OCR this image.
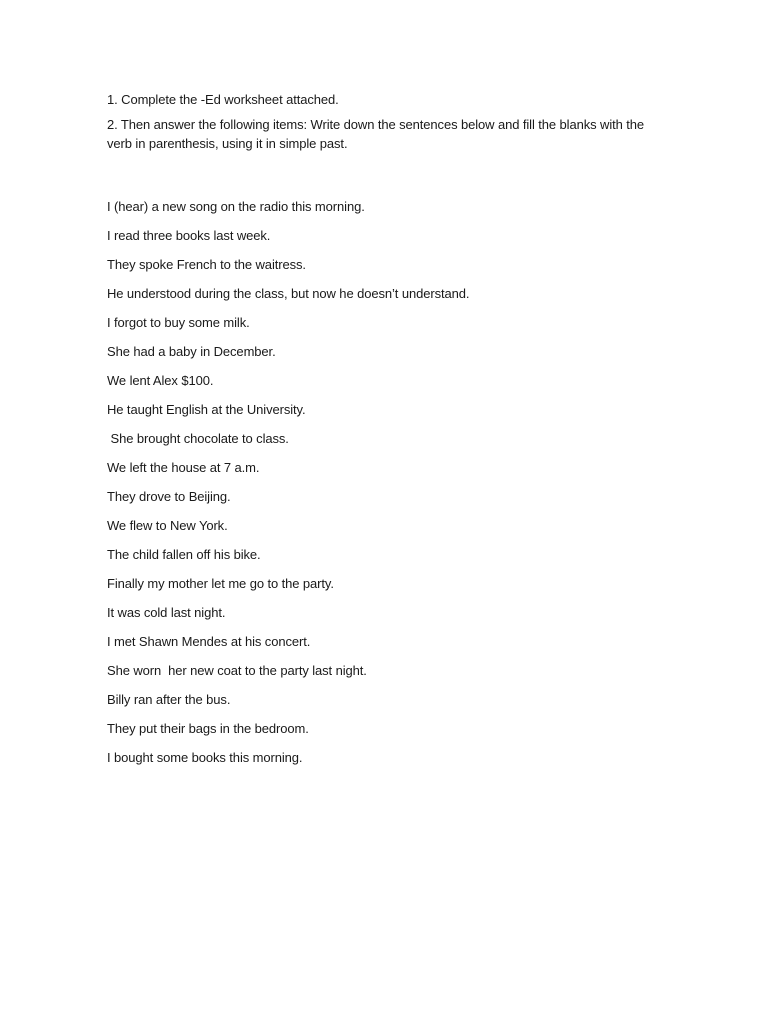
1. Complete the -Ed worksheet attached.

2. Then answer the following items: Write down the sentences below and fill the blanks with the verb in parenthesis, using it in simple past.

I (hear) a new song on the radio this morning.
I read three books last week.
They spoke French to the waitress.
He understood during the class, but now he doesn’t understand.
I forgot to buy some milk.
She had a baby in December.
We lent Alex $100.
He taught English at the University.
She brought chocolate to class.
We left the house at 7 a.m.
They drove to Beijing.
We flew to New York.
The child fallen off his bike.
Finally my mother let me go to the party.
It was cold last night.
I met Shawn Mendes at his concert.
She worn  her new coat to the party last night.
Billy ran after the bus.
They put their bags in the bedroom.
I bought some books this morning.
